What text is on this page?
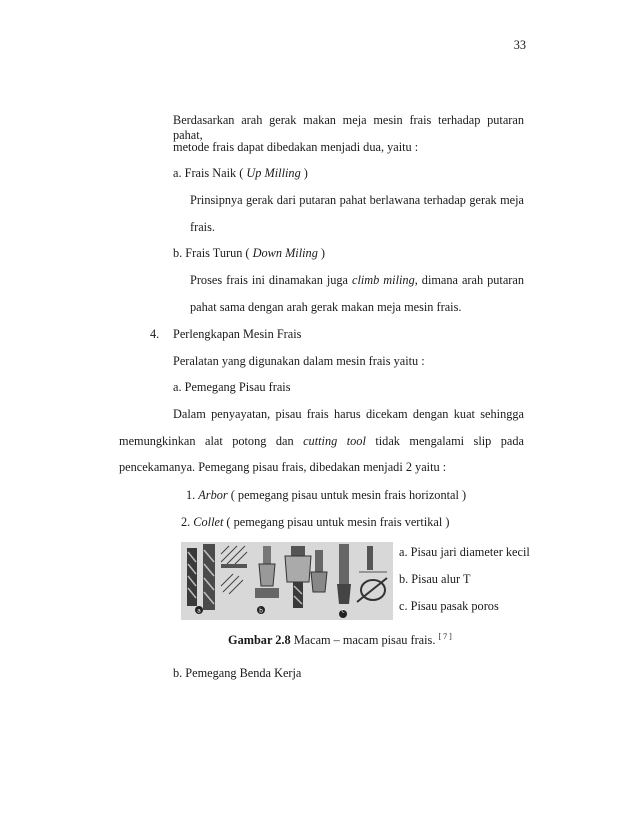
33
Berdasarkan arah gerak makan meja mesin frais terhadap putaran pahat,
metode frais dapat dibedakan menjadi dua, yaitu :
a. Frais Naik ( Up Milling )
Prinsipnya gerak dari putaran pahat berlawana terhadap gerak meja
frais.
b. Frais Turun ( Down Miling )
Proses frais ini dinamakan juga climb miling, dimana arah putaran
pahat sama dengan arah gerak makan meja mesin frais.
4. Perlengkapan Mesin Frais
Peralatan yang digunakan dalam mesin frais yaitu :
a. Pemegang Pisau frais
Dalam penyayatan, pisau frais harus dicekam dengan kuat sehingga
memungkinkan alat potong dan cutting tool tidak mengalami slip pada
pencekamanya. Pemegang pisau frais, dibedakan menjadi 2 yaitu :
1. Arbor ( pemegang pisau untuk mesin frais horizontal )
2. Collet ( pemegang pisau untuk mesin frais vertikal )
a	b	c
a. Pisau jari diameter kecil
b. Pisau alur T
c. Pisau pasak poros
Gambar 2.8 Macam – macam pisau frais. [ 7 ]
b. Pemegang Benda Kerja
